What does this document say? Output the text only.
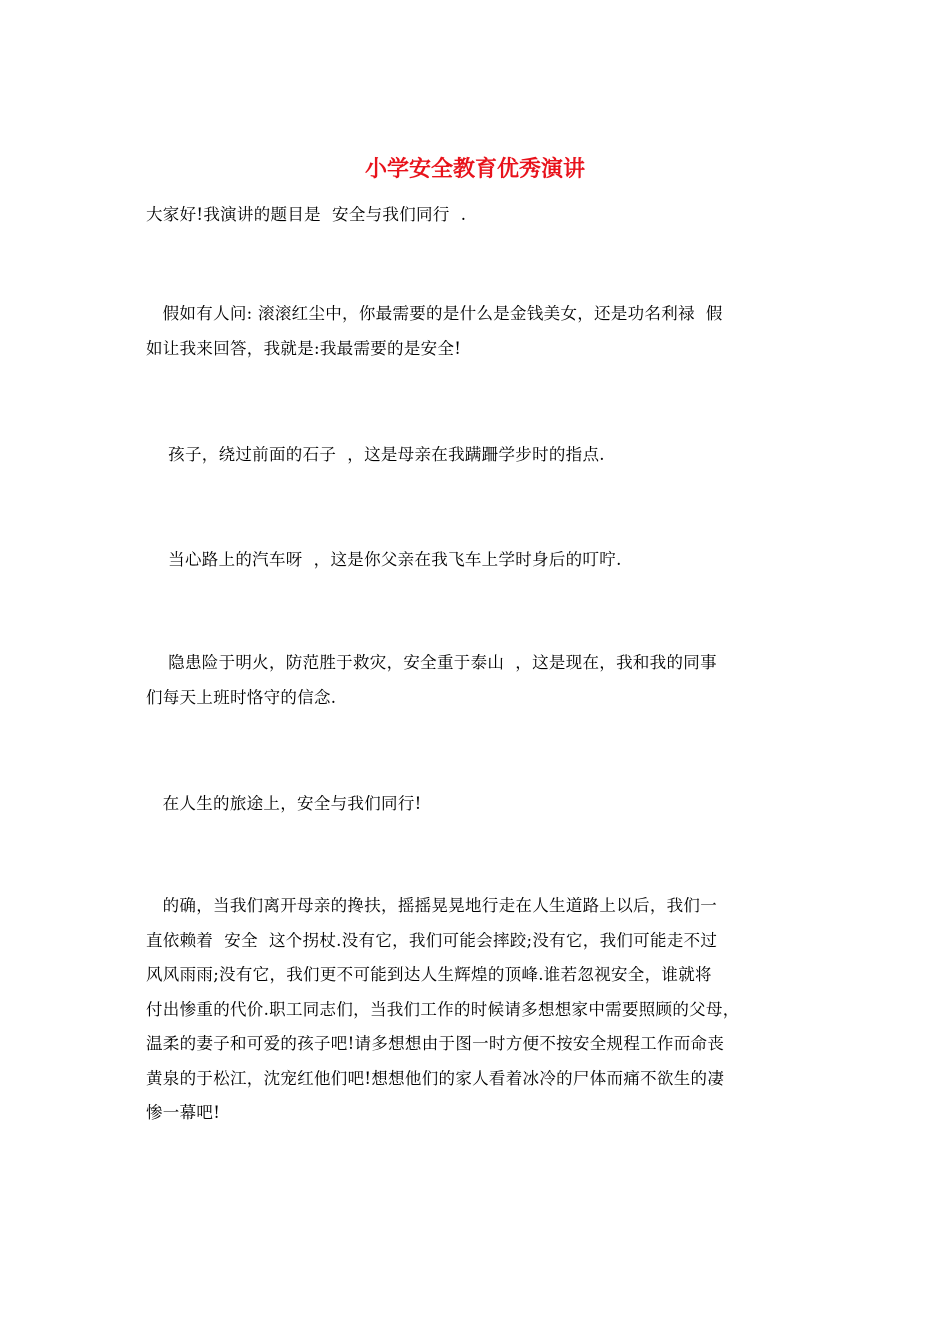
小学安全教育优秀演讲

大家好!我演讲的题目是  安全与我们同行  .

假如有人问: 滚滚红尘中，你最需要的是什么是金钱美女，还是功名利禄  假
如让我来回答，我就是:我最需要的是安全!

孩子，绕过前面的石子  ，这是母亲在我蹒跚学步时的指点.

当心路上的汽车呀  ，这是你父亲在我飞车上学时身后的叮咛.

隐患险于明火，防范胜于救灾，安全重于泰山  ，这是现在，我和我的同事
们每天上班时恪守的信念.

在人生的旅途上，安全与我们同行!

的确，当我们离开母亲的搀扶，摇摇晃晃地行走在人生道路上以后，我们一
直依赖着  安全  这个拐杖.没有它，我们可能会摔跤;没有它，我们可能走不过
风风雨雨;没有它，我们更不可能到达人生辉煌的顶峰.谁若忽视安全，谁就将
付出惨重的代价.职工同志们，当我们工作的时候请多想想家中需要照顾的父母，
温柔的妻子和可爱的孩子吧!请多想想由于图一时方便不按安全规程工作而命丧
黄泉的于松江，沈宠红他们吧!想想他们的家人看着冰冷的尸体而痛不欲生的凄
惨一幕吧!
